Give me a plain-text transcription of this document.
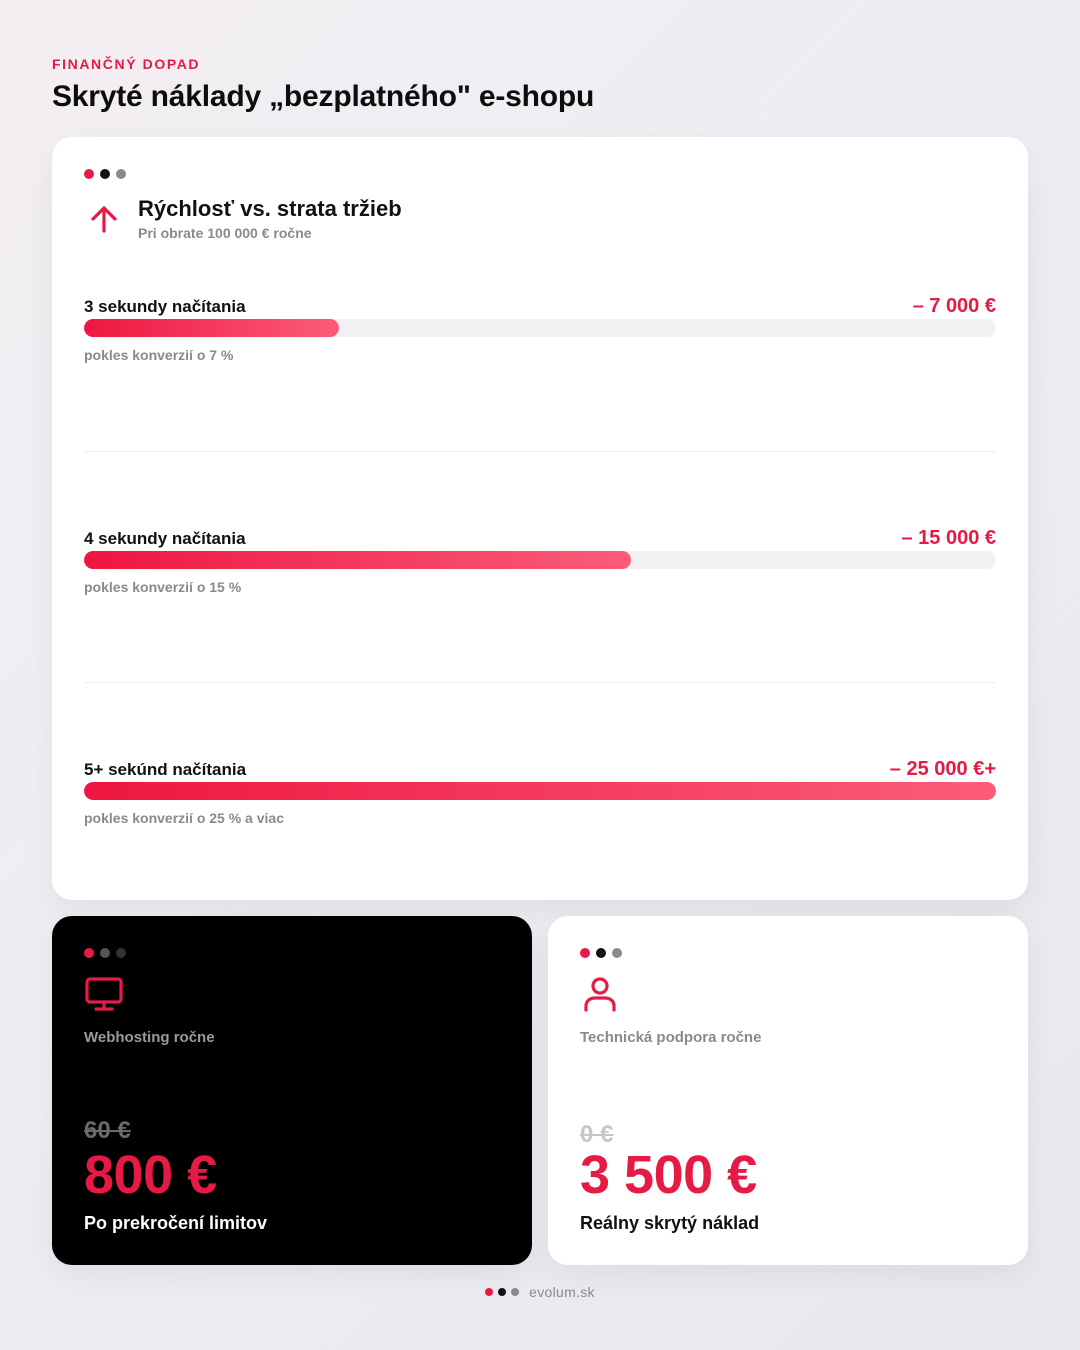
FINANČNÝ DOPAD
Skryté náklady „bezplatného" e-shopu
Rýchlosť vs. strata tržieb
Pri obrate 100 000 € ročne
3 sekundy načítania	– 7 000 €
pokles konverzií o 7 %
4 sekundy načítania	– 15 000 €
pokles konverzií o 15 %
5+ sekúnd načítania	– 25 000 €+
pokles konverzií o 25 % a viac
Webhosting ročne
60 €
800 €
Po prekročení limitov
Technická podpora ročne
0 €
3 500 €
Reálny skrytý náklad
evolum.sk
